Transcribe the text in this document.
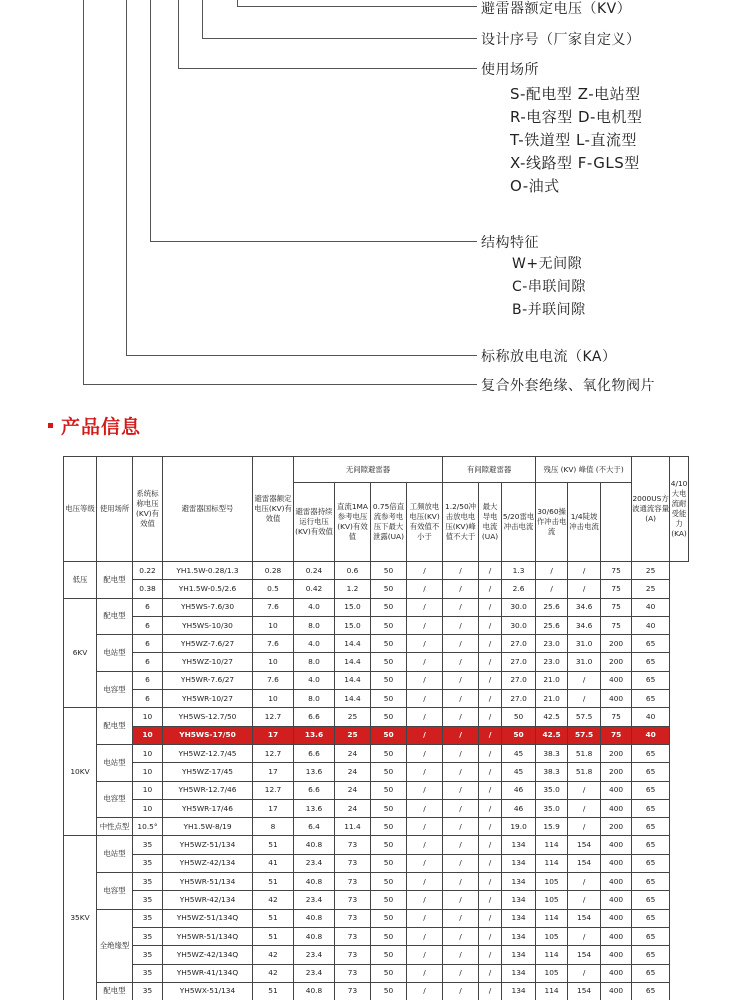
避雷器额定电压（KV）
设计序号（厂家自定义）
使用场所
S-配电型 Z-电站型
R-电容型 D-电机型
T-铁道型 L-直流型
X-线路型 F-GLS型
O-油式
结构特征
W+无间隙
C-串联间隙
B-并联间隙
标称放电电流（KA）
复合外套绝缘、氧化物阀片
产品信息
电压等级	使用场所	系统标称电压(KV)有效值	避雷器国标型号	避雷器额定电压(KV)有效值	无间隙避雷器				有间隙避雷器			残压 (KV) 峰值 (不大于)			2000US方波通流容量(A)	4/10大电流耐受能力(KA)
					避雷器持续运行电压(KV)有效值	直流1MA参考电压(KV)有效值	0.75倍直流参考电压下最大泄露(UA)	工频放电电压(KV)有效值不小于	1.2/50冲击放电电压(KV)峰值不大于	最大导电电流(UA)	5/20雷电冲击电流	30/60操作冲击电流	1/4陡坡冲击电流			
低压	配电型	0.22	YH1.5W-0.28/1.3	0.28	0.24	0.6	50	/	/	/	1.3	/	/	75	25	
		0.38	YH1.5W-0.5/2.6	0.5	0.42	1.2	50	/	/	/	2.6	/	/	75	25	
6KV	配电型	6	YH5WS-7.6/30	7.6	4.0	15.0	50	/	/	/	30.0	25.6	34.6	75	40	
		6	YH5WS-10/30	10	8.0	15.0	50	/	/	/	30.0	25.6	34.6	75	40	
	电站型	6	YH5WZ-7.6/27	7.6	4.0	14.4	50	/	/	/	27.0	23.0	31.0	200	65	
		6	YH5WZ-10/27	10	8.0	14.4	50	/	/	/	27.0	23.0	31.0	200	65	
	电容型	6	YH5WR-7.6/27	7.6	4.0	14.4	50	/	/	/	27.0	21.0	/	400	65	
		6	YH5WR-10/27	10	8.0	14.4	50	/	/	/	27.0	21.0	/	400	65	
10KV	配电型	10	YH5WS-12.7/50	12.7	6.6	25	50	/	/	/	50	42.5	57.5	75	40	
		10	YH5WS-17/50	17	13.6	25	50	/	/	/	50	42.5	57.5	75	40	
	电站型	10	YH5WZ-12.7/45	12.7	6.6	24	50	/	/	/	45	38.3	51.8	200	65	
		10	YH5WZ-17/45	17	13.6	24	50	/	/	/	45	38.3	51.8	200	65	
	电容型	10	YH5WR-12.7/46	12.7	6.6	24	50	/	/	/	46	35.0	/	400	65	
		10	YH5WR-17/46	17	13.6	24	50	/	/	/	46	35.0	/	400	65	
	中性点型	10.5°	YH1.5W-8/19	8	6.4	11.4	50	/	/	/	19.0	15.9	/	200	65	
35KV	电站型	35	YH5WZ-51/134	51	40.8	73	50	/	/	/	134	114	154	400	65	
		35	YH5WZ-42/134	41	23.4	73	50	/	/	/	134	114	154	400	65	
	电容型	35	YH5WR-51/134	51	40.8	73	50	/	/	/	134	105	/	400	65	
		35	YH5WR-42/134	42	23.4	73	50	/	/	/	134	105	/	400	65	
	全绝缘型	35	YH5WZ-51/134Q	51	40.8	73	50	/	/	/	134	114	154	400	65	
		35	YH5WR-51/134Q	51	40.8	73	50	/	/	/	134	105	/	400	65	
		35	YH5WZ-42/134Q	42	23.4	73	50	/	/	/	134	114	154	400	65	
		35	YH5WR-41/134Q	42	23.4	73	50	/	/	/	134	105	/	400	65	
	配电型	35	YH5WX-51/134	51	40.8	73	50	/	/	/	134	114	154	400	65	
